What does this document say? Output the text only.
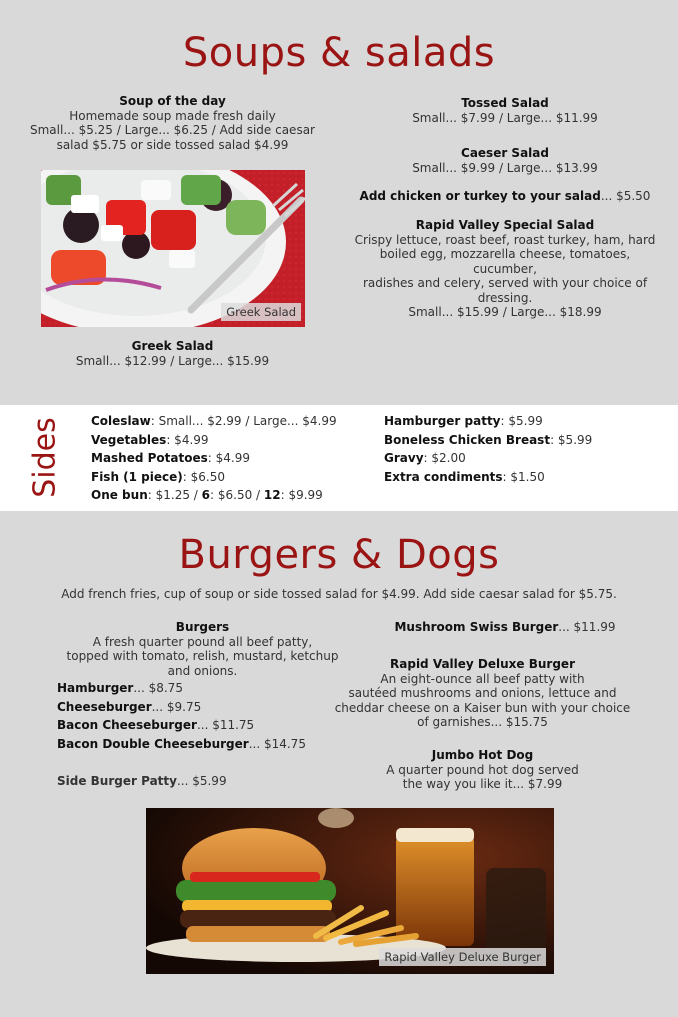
Soups & salads
Soup of the day
Homemade soup made fresh daily
Small... $5.25 / Large... $6.25 / Add side caesar
salad $5.75 or side tossed salad $4.99
Greek Salad
Greek Salad
Small... $12.99 / Large... $15.99
Tossed Salad
Small... $7.99 / Large... $11.99
Caeser Salad
Small... $9.99 / Large... $13.99
Add chicken or turkey to your salad... $5.50
Rapid Valley Special Salad
Crispy lettuce, roast beef, roast turkey, ham, hard
boiled egg, mozzarella cheese, tomatoes, cucumber,
radishes and celery, served with your choice of
dressing.
Small... $15.99 / Large... $18.99
Sides Coleslaw: Small... $2.99 / Large... $4.99
Vegetables: $4.99
Mashed Potatoes: $4.99
Fish (1 piece): $6.50
One bun: $1.25 / 6: $6.50 / 12: $9.99
Hamburger patty: $5.99
Boneless Chicken Breast: $5.99
Gravy: $2.00
Extra condiments: $1.50
Burgers & Dogs
Add french fries, cup of soup or side tossed salad for $4.99. Add side caesar salad for $5.75.
Burgers
A fresh quarter pound all beef patty,
topped with tomato, relish, mustard, ketchup
and onions.
Hamburger... $8.75
Cheeseburger... $9.75
Bacon Cheeseburger... $11.75
Bacon Double Cheeseburger... $14.75
Side Burger Patty... $5.99
Mushroom Swiss Burger... $11.99
Rapid Valley Deluxe Burger
An eight-ounce all beef patty with
sautéed mushrooms and onions, lettuce and
cheddar cheese on a Kaiser bun with your choice
of garnishes... $15.75
Jumbo Hot Dog
A quarter pound hot dog served
the way you like it... $7.99
Rapid Valley Deluxe Burger
